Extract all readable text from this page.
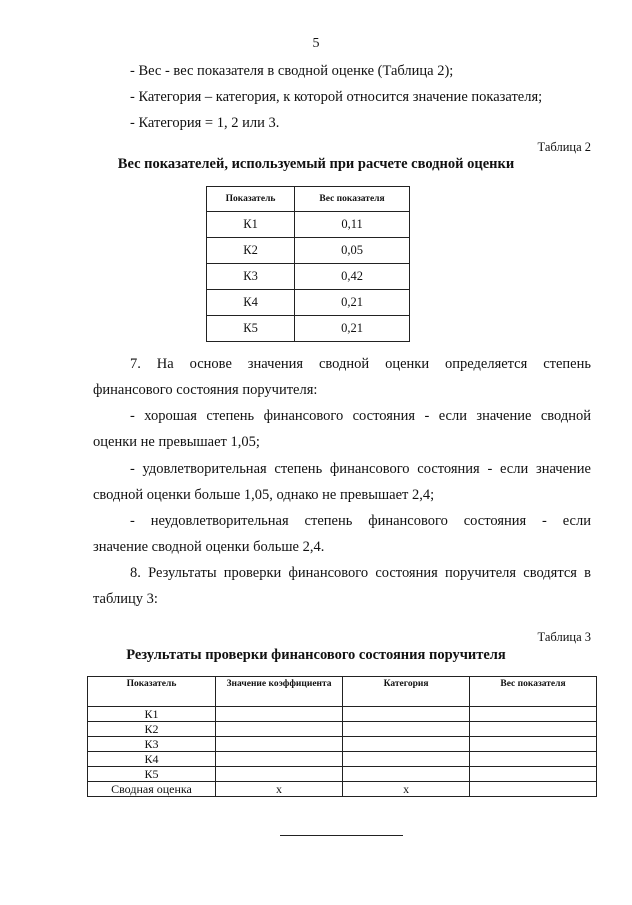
5
- Вес - вес показателя в сводной оценке (Таблица 2);
- Категория – категория, к которой относится значение показателя;
- Категория = 1, 2 или 3.
Таблица 2
Вес показателей, используемый при расчете сводной оценки
Показатель	Вес показателя
К1	0,11
К2	0,05
К3	0,42
К4	0,21
К5	0,21
7. На основе значения сводной оценки определяется степень
финансового состояния поручителя:
- хорошая степень финансового состояния - если значение сводной
оценки не превышает 1,05;
- удовлетворительная степень финансового состояния - если значение
сводной оценки больше 1,05, однако не превышает 2,4;
- неудовлетворительная степень финансового состояния - если
значение сводной оценки больше 2,4.
8. Результаты проверки финансового состояния поручителя сводятся в
таблицу 3:
Таблица 3
Результаты проверки финансового состояния поручителя
Показатель	Значение коэффициента	Категория	Вес показателя
К1			
К2			
К3			
К4			
К5			
Сводная оценка	х	х	
